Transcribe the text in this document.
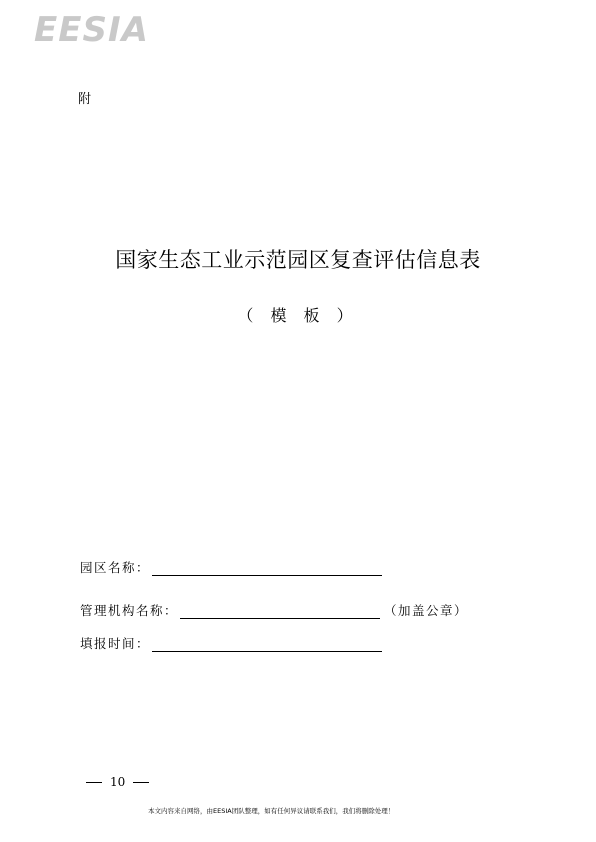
EESIA
附
国家生态工业示范园区复查评估信息表
（ 模 板 ）
园区名称：
管理机构名称：	（加盖公章）
填报时间：
10
本文内容来自网络，由EESIA团队整理，如有任何异议请联系我们，我们将删除处理！
